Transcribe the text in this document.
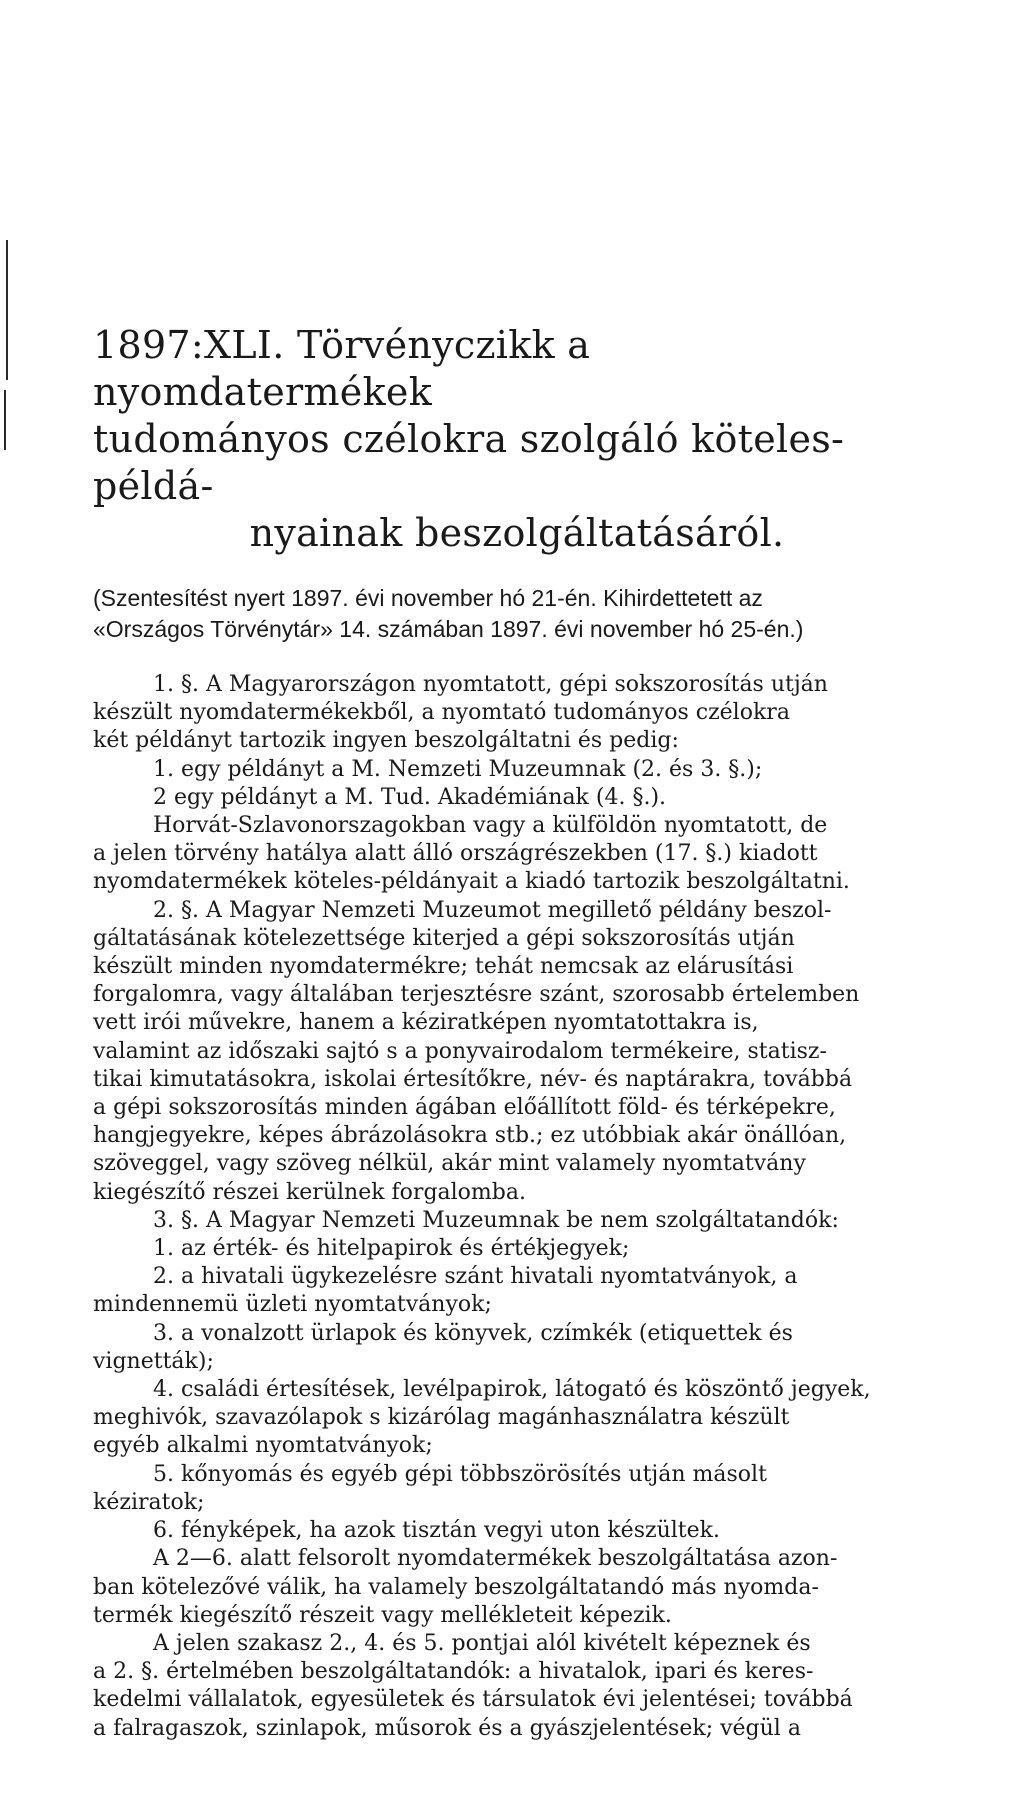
1897:XLI. Törvényczikk a nyomdatermékek
tudományos czélokra szolgáló köteles-példá-
nyainak beszolgáltatásáról.
(Szentesítést nyert 1897. évi november hó 21-én. Kihirdettetett az
«Országos Törvénytár» 14. számában 1897. évi november hó 25-én.)

1. §. A Magyarországon nyomtatott, gépi sokszorosítás utján

készült nyomdatermékekből, a nyomtató tudományos czélokra

két példányt tartozik ingyen beszolgáltatni és pedig:

1. egy példányt a M. Nemzeti Muzeumnak (2. és 3. §.);

2 egy példányt a M. Tud. Akadémiának (4. §.).

Horvát-Szlavonorszagokban vagy a külföldön nyomtatott, de

a jelen törvény hatálya alatt álló országrészekben (17. §.) kiadott

nyomdatermékek köteles-példányait a kiadó tartozik beszolgáltatni.

2. §. A Magyar Nemzeti Muzeumot megillető példány beszol-

gáltatásának kötelezettsége kiterjed a gépi sokszorosítás utján

készült minden nyomdatermékre; tehát nemcsak az elárusítási

forgalomra, vagy általában terjesztésre szánt, szorosabb értelemben

vett irói művekre, hanem a kéziratképen nyomtatottakra is,

valamint az időszaki sajtó s a ponyvairodalom termékeire, statisz-

tikai kimutatásokra, iskolai értesítőkre, név- és naptárakra, továbbá

a gépi sokszorosítás minden ágában előállított föld- és térképekre,

hangjegyekre, képes ábrázolásokra stb.; ez utóbbiak akár önállóan,

szöveggel, vagy szöveg nélkül, akár mint valamely nyomtatvány

kiegészítő részei kerülnek forgalomba.

3. §. A Magyar Nemzeti Muzeumnak be nem szolgáltatandók:

1. az érték- és hitelpapirok és értékjegyek;

2. a hivatali ügykezelésre szánt hivatali nyomtatványok, a

mindennemü üzleti nyomtatványok;

3. a vonalzott ürlapok és könyvek, czímkék (etiquettek és

vignetták);

4. családi értesítések, levélpapirok, látogató és köszöntő jegyek,

meghivók, szavazólapok s kizárólag magánhasználatra készült

egyéb alkalmi nyomtatványok;

5. kőnyomás és egyéb gépi többszörösítés utján másolt

kéziratok;

6. fényképek, ha azok tisztán vegyi uton készültek.

A 2—6. alatt felsorolt nyomdatermékek beszolgáltatása azon-

ban kötelezővé válik, ha valamely beszolgáltatandó más nyomda-

termék kiegészítő részeit vagy mellékleteit képezik.

A jelen szakasz 2., 4. és 5. pontjai alól kivételt képeznek és

a 2. §. értelmében beszolgáltatandók: a hivatalok, ipari és keres-

kedelmi vállalatok, egyesületek és társulatok évi jelentései; továbbá

a falragaszok, szinlapok, műsorok és a gyászjelentések; végül a
